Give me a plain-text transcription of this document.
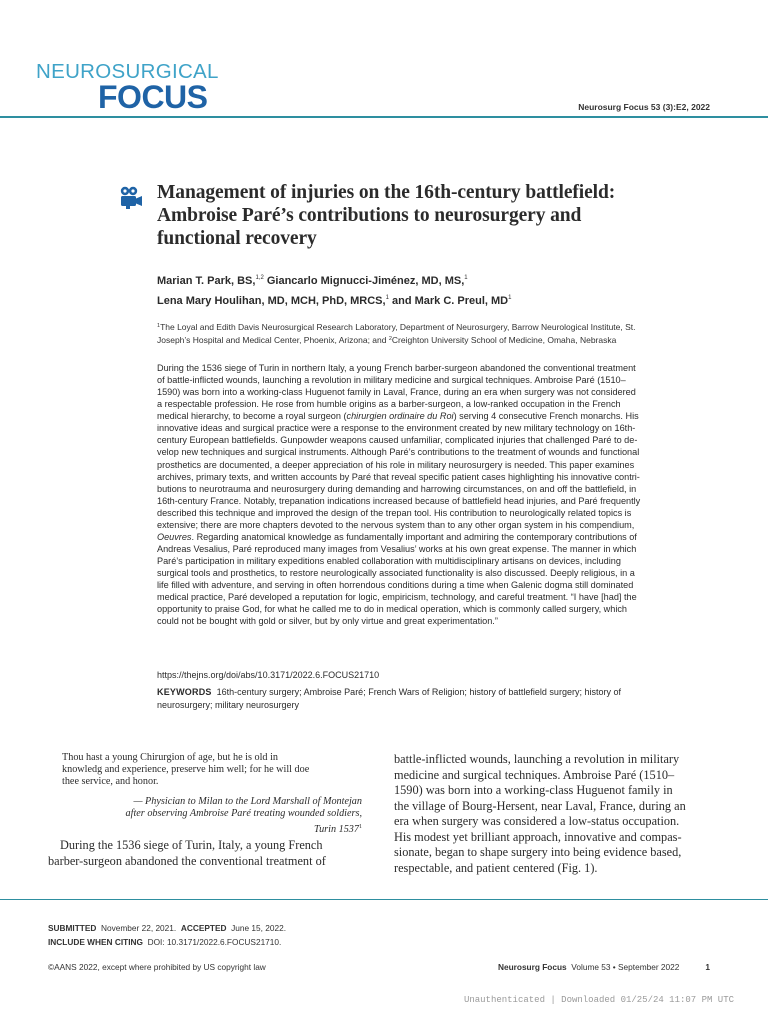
NEUROSURGICAL
FOCUS	Neurosurg Focus 53 (3):E2, 2022
Management of injuries on the 16th-century battlefield:
Ambroise Paré’s contributions to neurosurgery and
functional recovery
Marian T. Park, BS,$^{1,2}$ Giancarlo Mignucci-Jiménez, MD, MS,$^1$
Lena Mary Houlihan, MD, MCH, PhD, MRCS,$^1$ and Mark C. Preul, $MD^1$
$^1$The Loyal and Edith Davis Neurosurgical Research Laboratory, Department of Neurosurgery, Barrow Neurological Institute, St.
Joseph’s Hospital and Medical Center, Phoenix, Arizona; and $^2$Creighton University School of Medicine, Omaha, Nebraska
During the 1536 siege of Turin in northern Italy, a young French barber-surgeon abandoned the conventional treatment
of battle-inflicted wounds, launching a revolution in military medicine and surgical techniques. Ambroise Paré (1510–
1590) was born into a working-class Huguenot family in Laval, France, during an era when surgery was not considered
a respectable profession. He rose from humble origins as a barber-surgeon, a low-ranked occupation in the French
medical hierarchy, to become a royal surgeon (chirurgien ordinaire du Roi) serving 4 consecutive French monarchs. His
innovative ideas and surgical practice were a response to the environment created by new military technology on 16th-
century European battlefields. Gunpowder weapons caused unfamiliar, complicated injuries that challenged Paré to de-
velop new techniques and surgical instruments. Although Paré’s contributions to the treatment of wounds and functional
prosthetics are documented, a deeper appreciation of his role in military neurosurgery is needed. This paper examines
archives, primary texts, and written accounts by Paré that reveal specific patient cases highlighting his innovative contri-
butions to neurotrauma and neurosurgery during demanding and harrowing circumstances, on and off the battlefield, in
16th-century France. Notably, trepanation indications increased because of battlefield head injuries, and Paré frequently
described this technique and improved the design of the trepan tool. His contribution to neurologically related topics is
extensive; there are more chapters devoted to the nervous system than to any other organ system in his compendium,
Oeuvres. Regarding anatomical knowledge as fundamentally important and admiring the contemporary contributions of
Andreas Vesalius, Paré reproduced many images from Vesalius’ works at his own great expense. The manner in which
Paré’s participation in military expeditions enabled collaboration with multidisciplinary artisans on devices, including
surgical tools and prosthetics, to restore neurologically associated functionality is also discussed. Deeply religious, in a
life filled with adventure, and serving in often horrendous conditions during a time when Galenic dogma still dominated
medical practice, Paré developed a reputation for logic, empiricism, technology, and careful treatment. “I have [had] the
opportunity to praise God, for what he called me to do in medical operation, which is commonly called surgery, which
could not be bought with gold or silver, but by only virtue and great experimentation.”
https://thejns.org/doi/abs/10.3171/2022.6.FOCUS21710
KEYWORDS 16th-century surgery; Ambroise Paré; French Wars of Religion; history of battlefield surgery; history of
neurosurgery; military neurosurgery
Thou hast a young Chirurgion of age, but he is old in
knowledg and experience, preserve him well; for he will doe
thee service, and honor.
— Physician to Milan to the Lord Marshall of Montejan
after observing Ambroise Paré treating wounded soldiers,
Turin 1537$^1$
During the 1536 siege of Turin, Italy, a young French
barber-surgeon abandoned the conventional treatment of
battle-inflicted wounds, launching a revolution in military
medicine and surgical techniques. Ambroise Paré (1510–
1590) was born into a working-class Huguenot family in
the village of Bourg-Hersent, near Laval, France, during an
era when surgery was considered a low-status occupation.
His modest yet brilliant approach, innovative and compas-
sionate, began to shape surgery into being evidence based,
respectable, and patient centered (Fig. 1).
SUBMITTED November 22, 2021. ACCEPTED June 15, 2022.
INCLUDE WHEN CITING DOI: 10.3171/2022.6.FOCUS21710.
©AANS 2022, except where prohibited by US copyright law	Neurosurg Focus Volume 53 • September 2022	1
Unauthenticated | Downloaded 01/25/24 11:07 PM UTC
